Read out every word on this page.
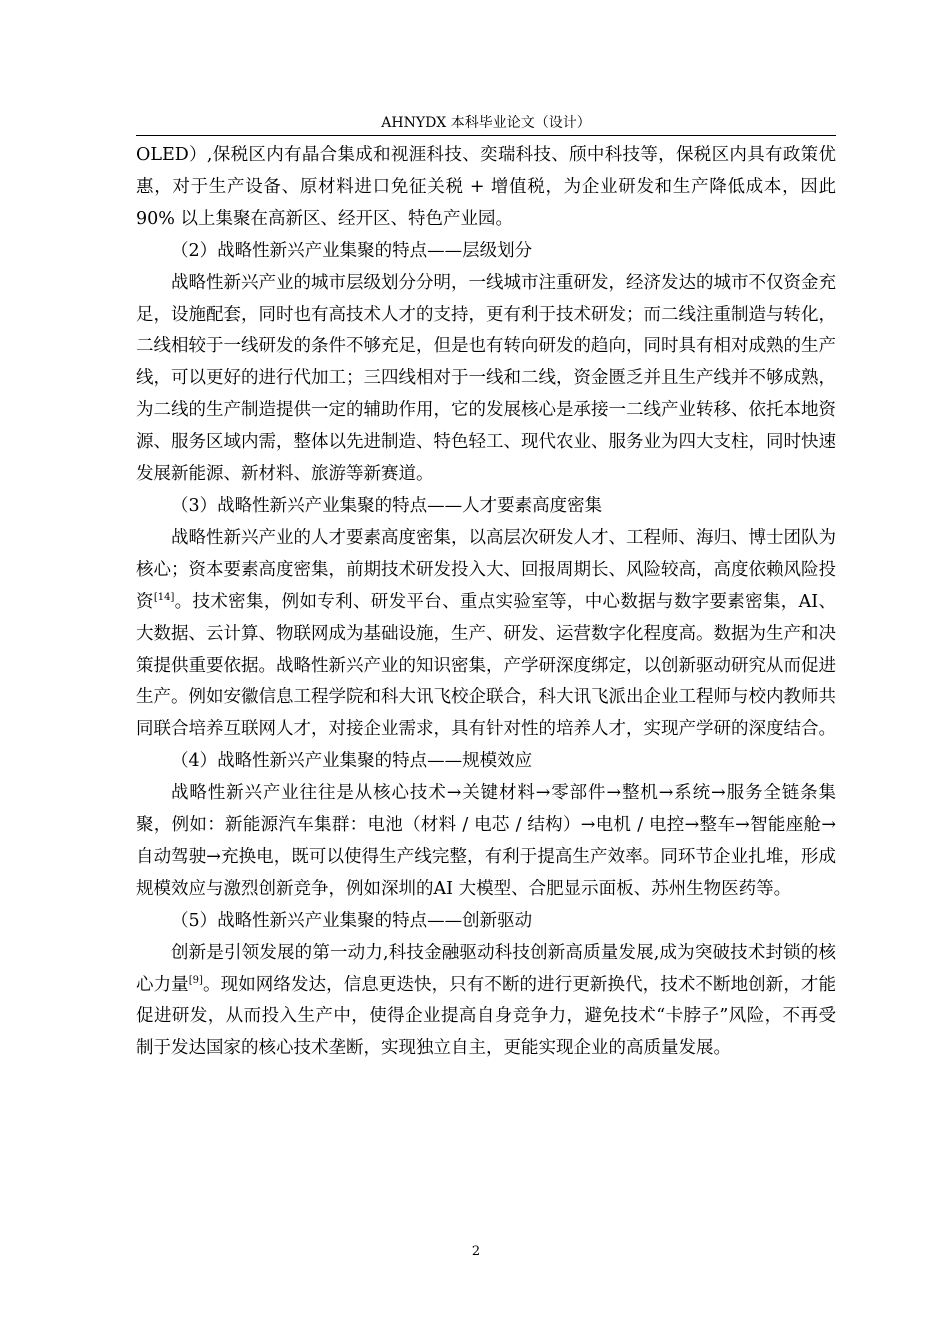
AHNYDX 本科毕业论文（设计）

OLED）,保税区内有晶合集成和视涯科技、奕瑞科技、颀中科技等，保税区内具有政策优惠，对于生产设备、原材料进口免征关税 + 增值税，为企业研发和生产降低成本，因此 90% 以上集聚在高新区、经开区、特色产业园。

（2）战略性新兴产业集聚的特点——层级划分

战略性新兴产业的城市层级划分分明，一线城市注重研发，经济发达的城市不仅资金充足，设施配套，同时也有高技术人才的支持，更有利于技术研发；而二线注重制造与转化，二线相较于一线研发的条件不够充足，但是也有转向研发的趋向，同时具有相对成熟的生产线，可以更好的进行代加工；三四线相对于一线和二线，资金匮乏并且生产线并不够成熟，为二线的生产制造提供一定的辅助作用，它的发展核心是承接一二线产业转移、依托本地资源、服务区域内需，整体以先进制造、特色轻工、现代农业、服务业为四大支柱，同时快速发展新能源、新材料、旅游等新赛道。

（3）战略性新兴产业集聚的特点——人才要素高度密集

战略性新兴产业的人才要素高度密集，以高层次研发人才、工程师、海归、博士团队为核心；资本要素高度密集，前期技术研发投入大、回报周期长、风险较高，高度依赖风险投资[14]。技术密集，例如专利、研发平台、重点实验室等，中心数据与数字要素密集，AI、大数据、云计算、物联网成为基础设施，生产、研发、运营数字化程度高。数据为生产和决策提供重要依据。战略性新兴产业的知识密集，产学研深度绑定，以创新驱动研究从而促进生产。例如安徽信息工程学院和科大讯飞校企联合，科大讯飞派出企业工程师与校内教师共同联合培养互联网人才，对接企业需求，具有针对性的培养人才，实现产学研的深度结合。

（4）战略性新兴产业集聚的特点——规模效应

战略性新兴产业往往是从核心技术→关键材料→零部件→整机→系统→服务全链条集聚，例如：新能源汽车集群：电池（材料 / 电芯 / 结构）→电机 / 电控→整车→智能座舱→自动驾驶→充换电，既可以使得生产线完整，有利于提高生产效率。同环节企业扎堆，形成规模效应与激烈创新竞争，例如深圳的AI 大模型、合肥显示面板、苏州生物医药等。

（5）战略性新兴产业集聚的特点——创新驱动

创新是引领发展的第一动力,科技金融驱动科技创新高质量发展,成为突破技术封锁的核心力量[9]。现如网络发达，信息更迭快，只有不断的进行更新换代，技术不断地创新，才能促进研发，从而投入生产中，使得企业提高自身竞争力，避免技术“卡脖子”风险，不再受制于发达国家的核心技术垄断，实现独立自主，更能实现企业的高质量发展。

2
